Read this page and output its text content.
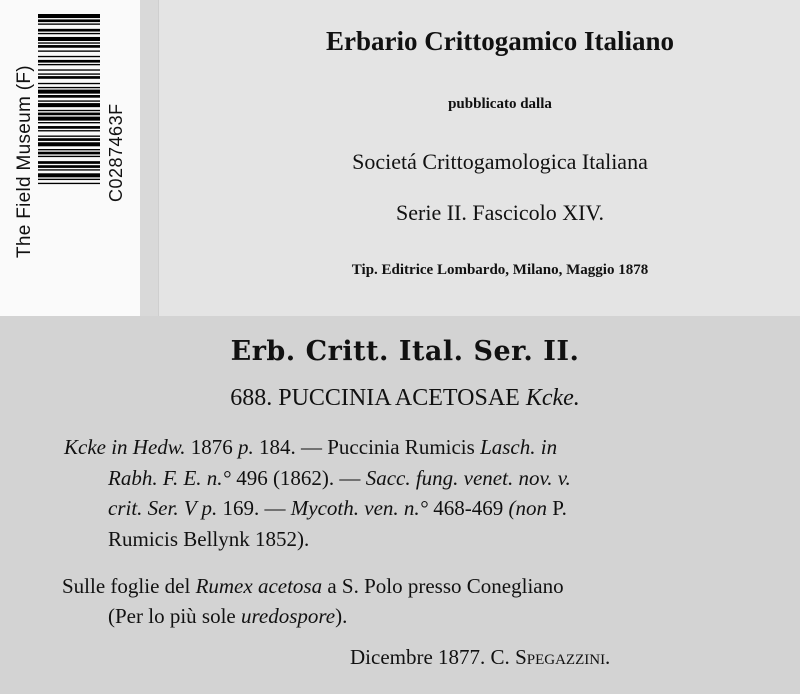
The Field Museum (F)	C0287463F
Erbario Crittogamico Italiano
pubblicato dalla
Societá Crittogamologica Italiana
Serie II. Fascicolo XIV.
Tip. Editrice Lombardo, Milano, Maggio 1878
Erb. Critt. Ital. Ser. II.
688. PUCCINIA ACETOSAE Kcke.
Kcke in Hedw. 1876 p. 184. — Puccinia Rumicis Lasch. in
Rabh. F. E. n.° 496 (1862). — Sacc. fung. venet. nov. v.
crit. Ser. V p. 169. — Mycoth. ven. n.° 468-469 (non P.
Rumicis Bellynk 1852).
Sulle foglie del Rumex acetosa a S. Polo presso Conegliano
(Per lo più sole uredospore).
Dicembre 1877. C. Spegazzini.
